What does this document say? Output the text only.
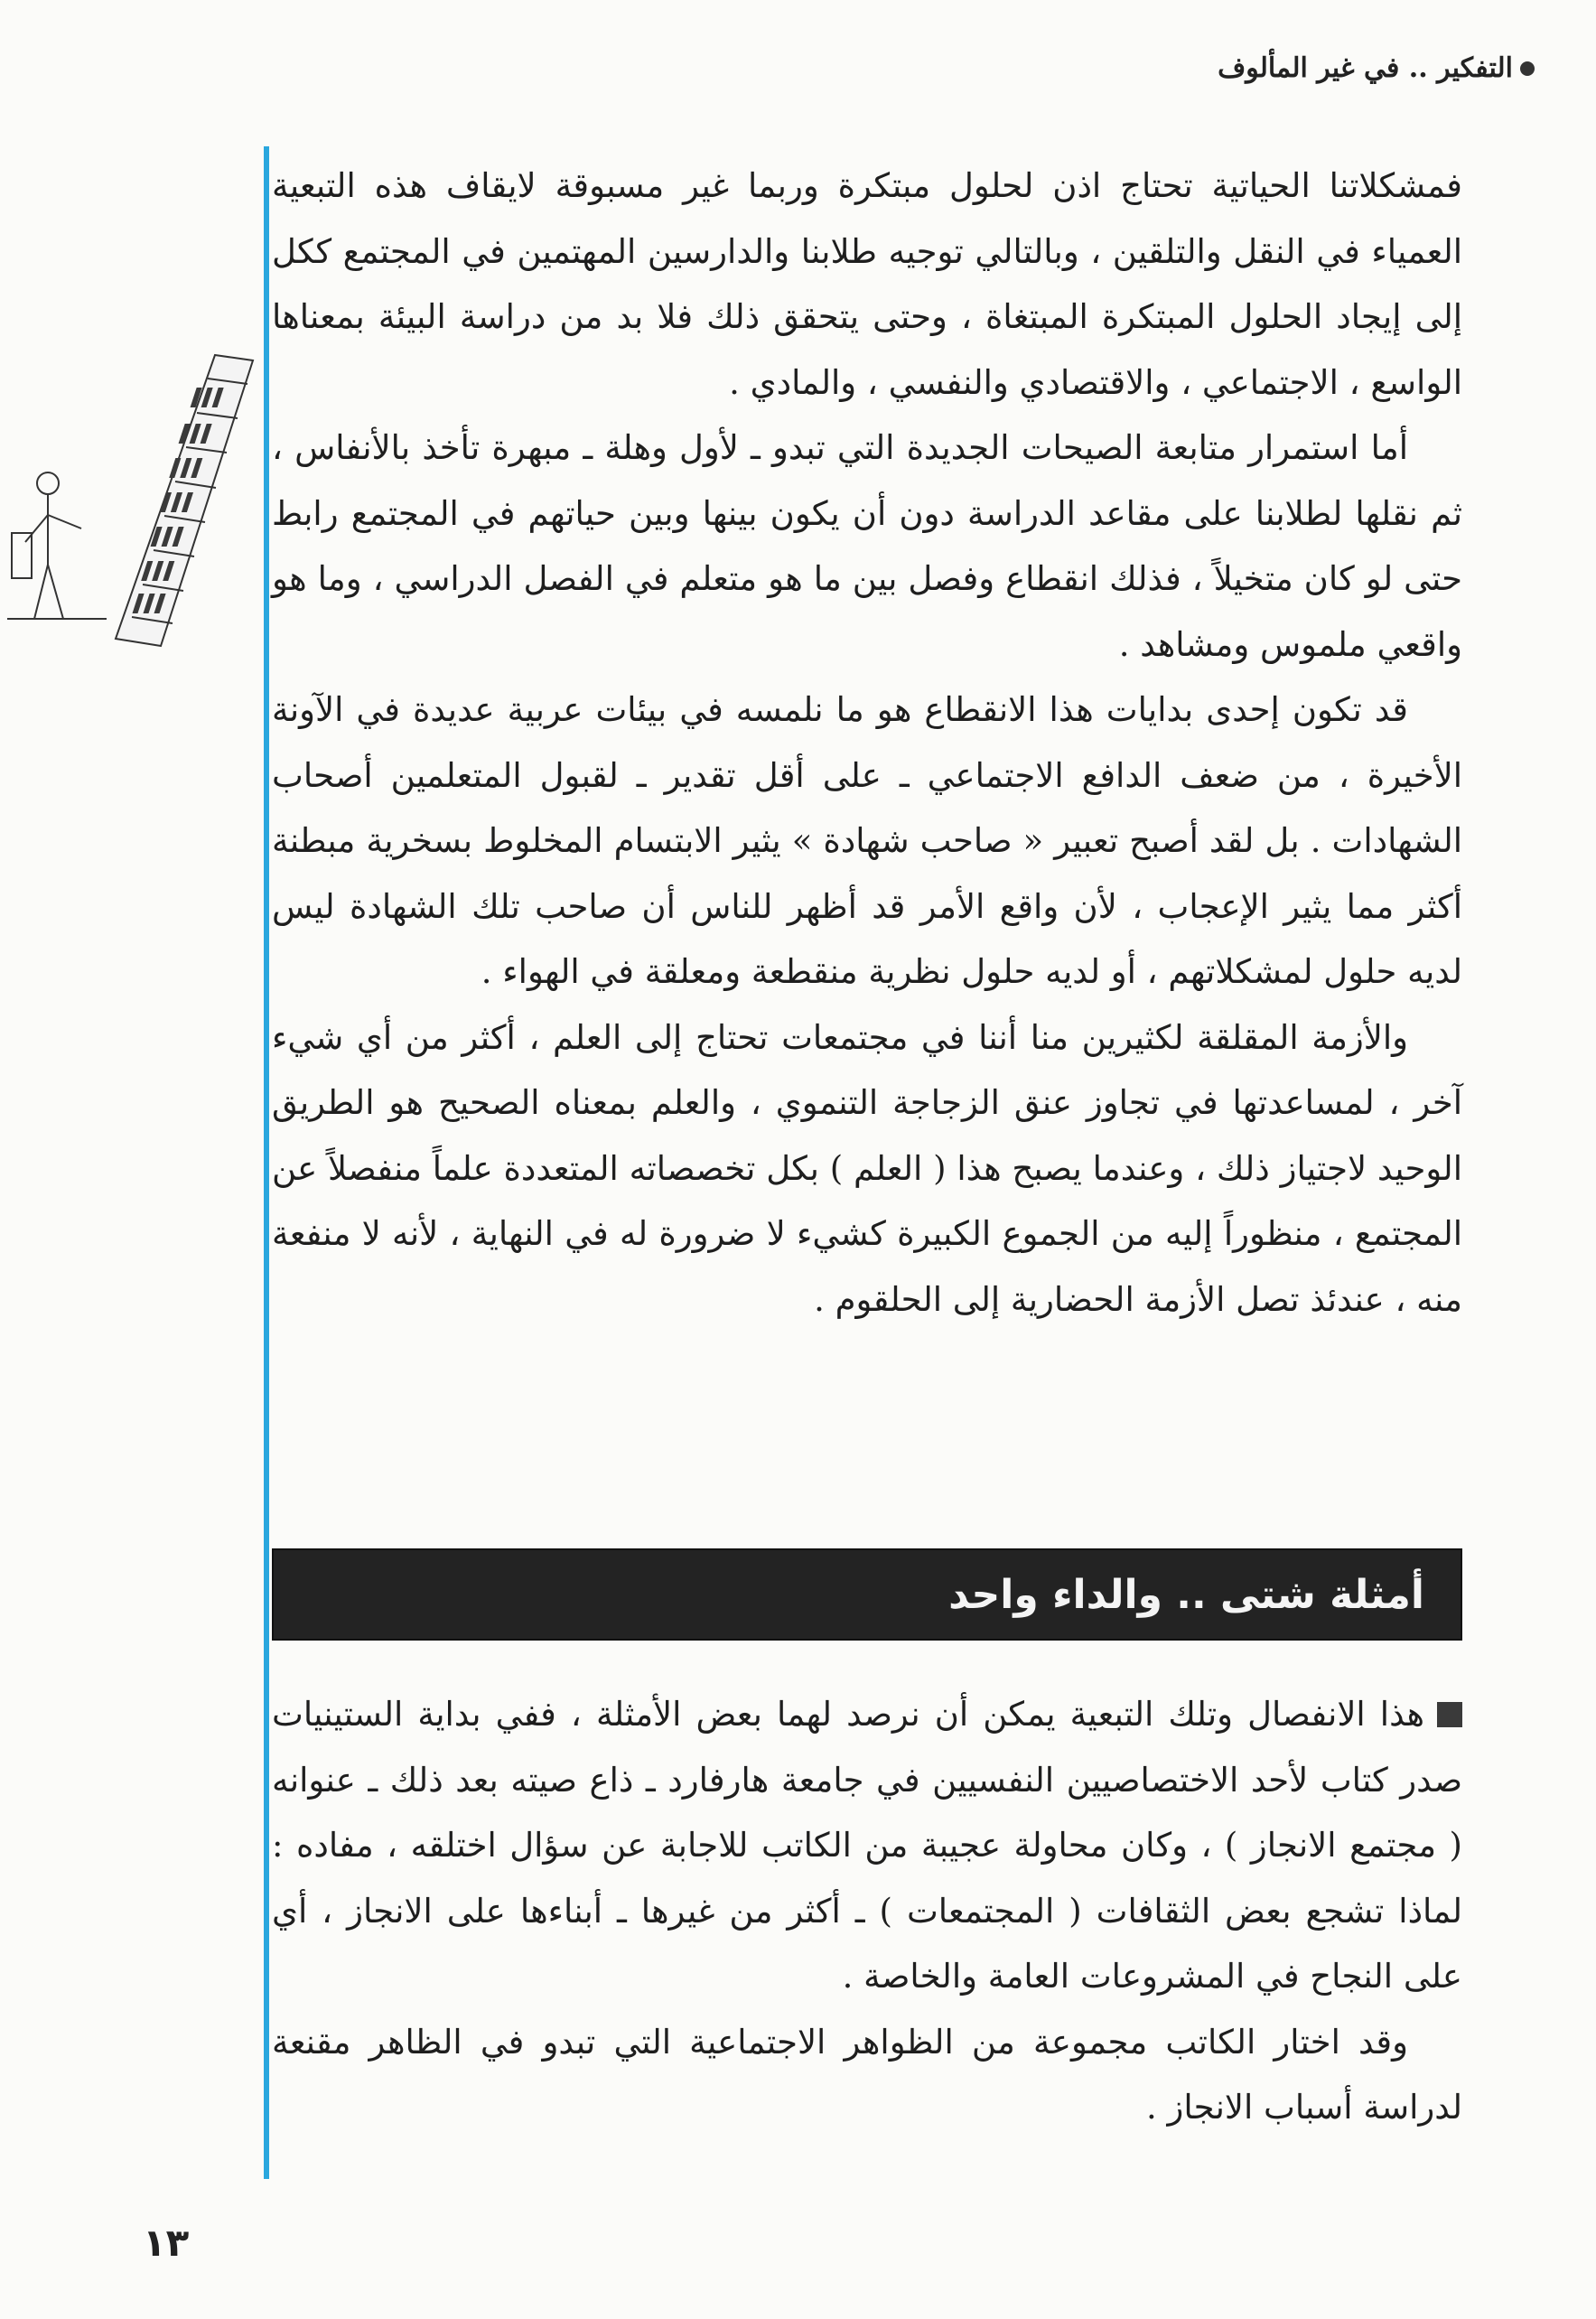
التفكير .. في غير المألوف

فمشكلاتنا الحياتية تحتاج اذن لحلول مبتكرة وربما غير مسبوقة لايقاف هذه التبعية العمياء في النقل والتلقين ، وبالتالي توجيه طلابنا والدارسين المهتمين في المجتمع ككل إلى إيجاد الحلول المبتكرة المبتغاة ، وحتى يتحقق ذلك فلا بد من دراسة البيئة بمعناها الواسع ، الاجتماعي ، والاقتصادي والنفسي ، والمادي .

أما استمرار متابعة الصيحات الجديدة التي تبدو ـ لأول وهلة ـ مبهرة تأخذ بالأنفاس ، ثم نقلها لطلابنا على مقاعد الدراسة دون أن يكون بينها وبين حياتهم في المجتمع رابط حتى لو كان متخيلاً ، فذلك انقطاع وفصل بين ما هو متعلم في الفصل الدراسي ، وما هو واقعي ملموس ومشاهد .

قد تكون إحدى بدايات هذا الانقطاع هو ما نلمسه في بيئات عربية عديدة في الآونة الأخيرة ، من ضعف الدافع الاجتماعي ـ على أقل تقدير ـ لقبول المتعلمين أصحاب الشهادات . بل لقد أصبح تعبير « صاحب شهادة » يثير الابتسام المخلوط بسخرية مبطنة أكثر مما يثير الإعجاب ، لأن واقع الأمر قد أظهر للناس أن صاحب تلك الشهادة ليس لديه حلول لمشكلاتهم ، أو لديه حلول نظرية منقطعة ومعلقة في الهواء .

والأزمة المقلقة لكثيرين منا أننا في مجتمعات تحتاج إلى العلم ، أكثر من أي شيء آخر ، لمساعدتها في تجاوز عنق الزجاجة التنموي ، والعلم بمعناه الصحيح هو الطريق الوحيد لاجتياز ذلك ، وعندما يصبح هذا ( العلم ) بكل تخصصاته المتعددة علماً منفصلاً عن المجتمع ، منظوراً إليه من الجموع الكبيرة كشيء لا ضرورة له في النهاية ، لأنه لا منفعة منه ، عندئذ تصل الأزمة الحضارية إلى الحلقوم .

أمثلة شتى .. والداء واحد

هذا الانفصال وتلك التبعية يمكن أن نرصد لهما بعض الأمثلة ، ففي بداية الستينيات صدر كتاب لأحد الاختصاصيين النفسيين في جامعة هارفارد ـ ذاع صيته بعد ذلك ـ عنوانه ( مجتمع الانجاز ) ، وكان محاولة عجيبة من الكاتب للاجابة عن سؤال اختلقه ، مفاده : لماذا تشجع بعض الثقافات ( المجتمعات ) ـ أكثر من غيرها ـ أبناءها على الانجاز ، أي على النجاح في المشروعات العامة والخاصة .

وقد اختار الكاتب مجموعة من الظواهر الاجتماعية التي تبدو في الظاهر مقنعة لدراسة أسباب الانجاز .

١٣
